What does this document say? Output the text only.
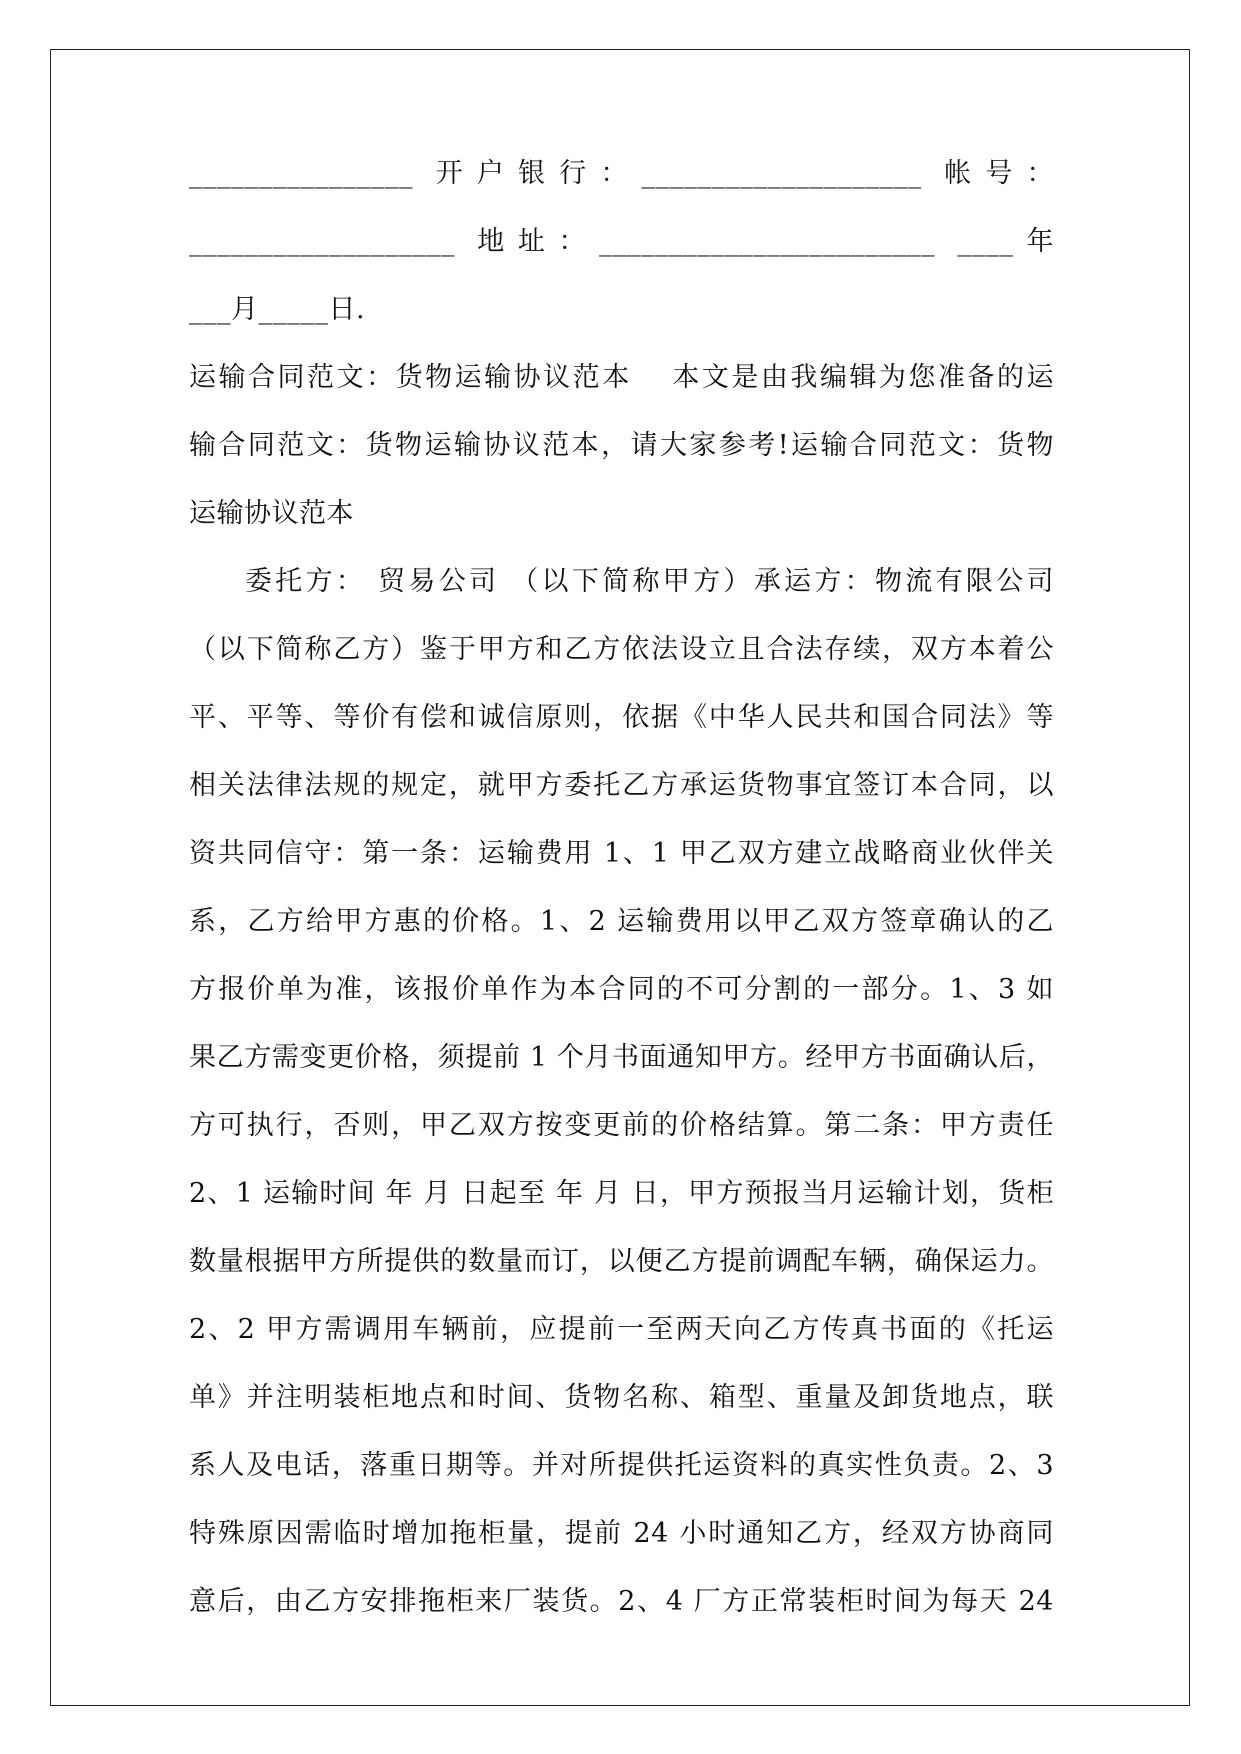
________________ 开户银行：____________________ 帐号：
___________________ 地址：________________________ ____年
___月_____日.
运输合同范文：货物运输协议范本　 本文是由我编辑为您准备的运
输合同范文：货物运输协议范本，请大家参考!运输合同范文：货物
运输协议范本
委托方： 贸易公司 （以下简称甲方）承运方：物流有限公司
（以下简称乙方）鉴于甲方和乙方依法设立且合法存续，双方本着公
平、平等、等价有偿和诚信原则，依据《中华人民共和国合同法》等
相关法律法规的规定，就甲方委托乙方承运货物事宜签订本合同，以
资共同信守：第一条：运输费用 1、1 甲乙双方建立战略商业伙伴关
系，乙方给甲方惠的价格。1、2 运输费用以甲乙双方签章确认的乙
方报价单为准，该报价单作为本合同的不可分割的一部分。1、3 如
果乙方需变更价格，须提前 1 个月书面通知甲方。经甲方书面确认后，
方可执行，否则，甲乙双方按变更前的价格结算。第二条：甲方责任
2、1 运输时间 年 月 日起至 年 月 日，甲方预报当月运输计划，货柜
数量根据甲方所提供的数量而订，以便乙方提前调配车辆，确保运力。
2、2 甲方需调用车辆前，应提前一至两天向乙方传真书面的《托运
单》并注明装柜地点和时间、货物名称、箱型、重量及卸货地点，联
系人及电话，落重日期等。并对所提供托运资料的真实性负责。2、3
特殊原因需临时增加拖柜量，提前 24 小时通知乙方，经双方协商同
意后，由乙方安排拖柜来厂装货。2、4 厂方正常装柜时间为每天 24
